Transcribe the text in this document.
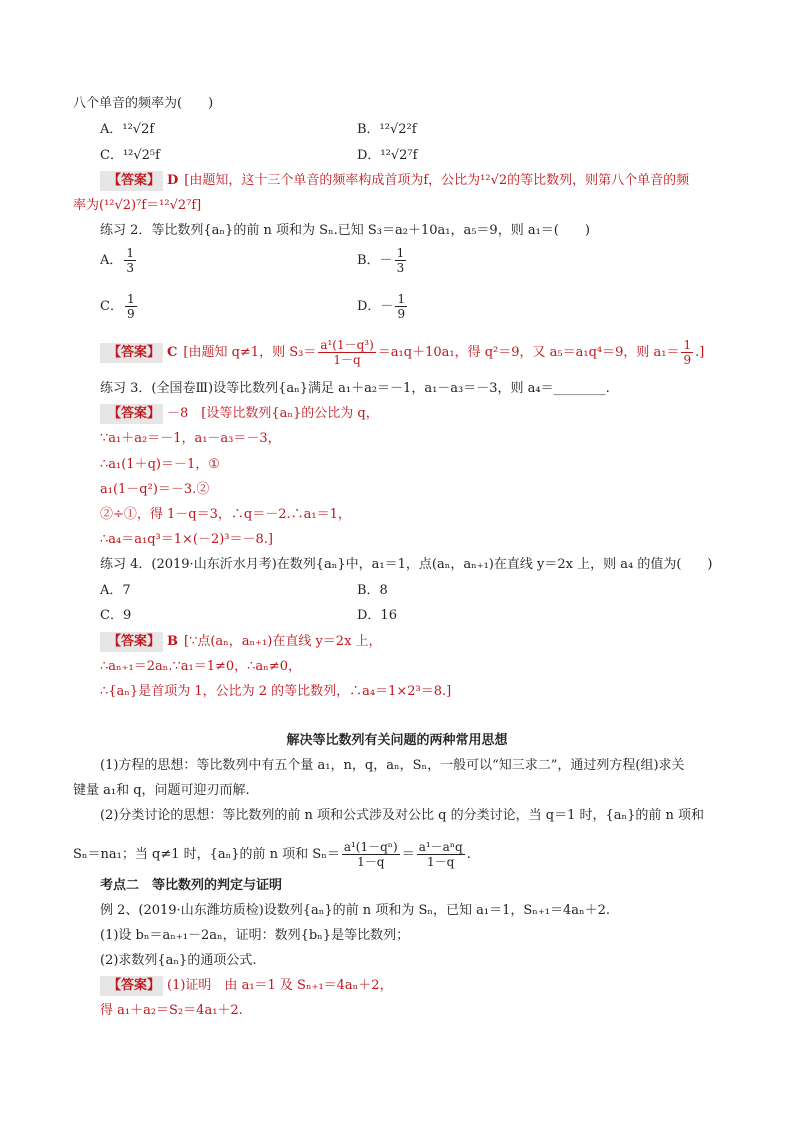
八个单音的频率为(　　)
A．¹²√2f	B．¹²√2²f
C．¹²√2⁵f	D．¹²√2⁷f
【答案】 D [由题知，这十三个单音的频率构成首项为f，公比为¹²√2的等比数列，则第八个单音的频
率为(¹²√2)⁷f＝¹²√2⁷f]
练习 2．等比数列{aₙ}的前 n 项和为 Sₙ.已知 S₃＝a₂＋10a₁，a₅＝9，则 a₁＝(　　)
A． $\frac{1}{3}$	B．－ $\frac{1}{3}$
C． $\frac{1}{9}$	D．－ $\frac{1}{9}$
【答案】 C [由题知 q≠1，则 $S_3= \frac{\text{a¹(1－q³)}}{1-q} =a_1q+10a_1$，得 q²＝9，又 a₅＝a₁q⁴＝9，则 $a_1= \frac{1}{9}$ .]
练习 3．(全国卷Ⅲ)设等比数列{aₙ}满足 a₁＋a₂＝－1，a₁－a₃＝－3，则 a₄＝________.
【答案】 －8　[设等比数列{aₙ}的公比为 q，
∵a₁＋a₂＝－1，a₁－a₃＝－3，
∴a₁(1＋q)＝－1，①
a₁(1－q²)＝－3.②
②÷①，得 1－q＝3，∴q＝－2.∴a₁＝1，
∴a₄＝a₁q³＝1×(－2)³＝－8.]
练习 4．(2019·山东沂水月考)在数列{aₙ}中，a₁＝1，点(aₙ，aₙ₊₁)在直线 y＝2x 上，则 a₄ 的值为(　　)
A．7	B．8
C．9	D．16
【答案】 B [∵点(aₙ，aₙ₊₁)在直线 y＝2x 上，
∴aₙ₊₁＝2aₙ.∵a₁＝1≠0，∴aₙ≠0，
∴{aₙ}是首项为 1，公比为 2 的等比数列，∴a₄＝1×2³＝8.]
解决等比数列有关问题的两种常用思想
(1)方程的思想：等比数列中有五个量 a₁，n，q，aₙ，Sₙ，一般可以“知三求二”，通过列方程(组)求关
键量 a₁和 q，问题可迎刃而解.
(2)分类讨论的思想：等比数列的前 n 项和公式涉及对公比 q 的分类讨论，当 q＝1 时，{aₙ}的前 n 项和
Sₙ＝na₁；当 q≠1 时，{aₙ}的前 n 项和 $S_n= \frac{\text{a¹(1－qⁿ)}}{1-q} = \frac{\text{a¹－aⁿq}}{1-q}$ .
考点二　等比数列的判定与证明
例 2、(2019·山东潍坊质检)设数列{aₙ}的前 n 项和为 Sₙ，已知 a₁＝1，Sₙ₊₁＝4aₙ＋2.
(1)设 bₙ＝aₙ₊₁－2aₙ，证明：数列{bₙ}是等比数列；
(2)求数列{aₙ}的通项公式.
【答案】 (1)证明　由 a₁＝1 及 Sₙ₊₁＝4aₙ＋2，
得 a₁＋a₂＝S₂＝4a₁＋2.
